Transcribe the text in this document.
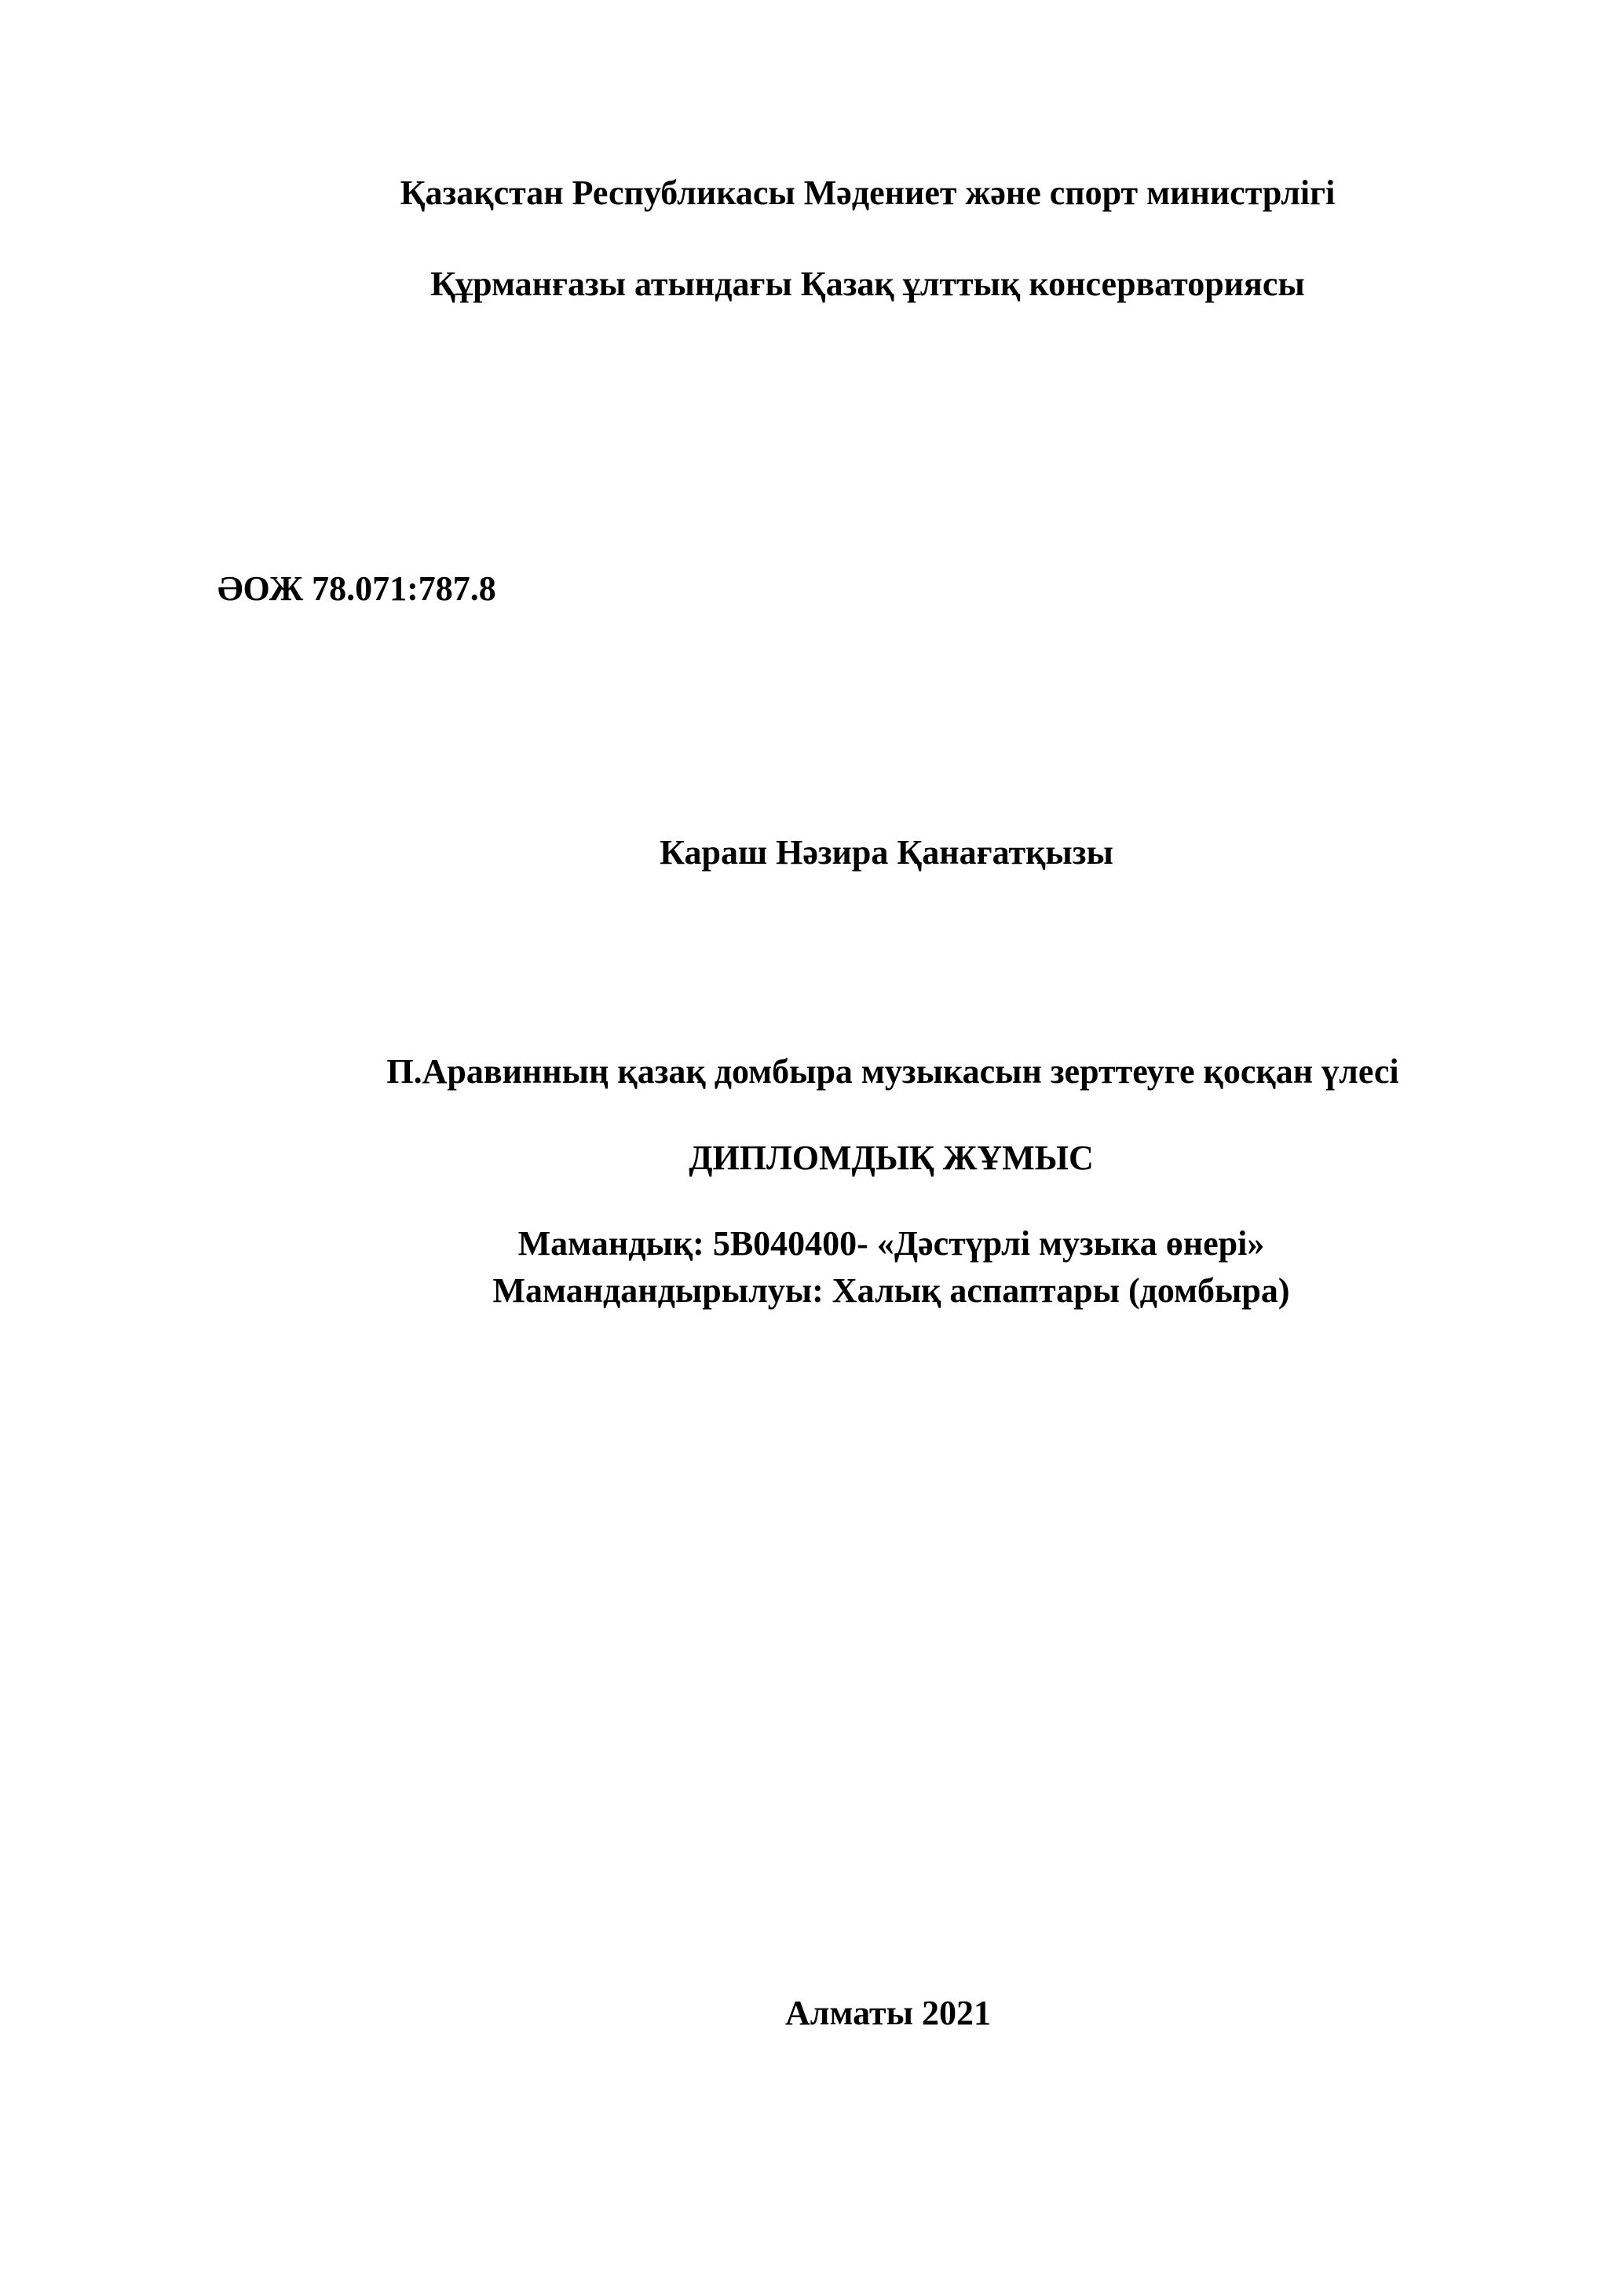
Қазақстан Республикасы Мәдениет және спорт министрлігі
Құрманғазы атындағы Қазақ ұлттық консерваториясы
ӘОЖ 78.071:787.8
Караш Нәзира Қанағатқызы
П.Аравинның қазақ домбыра музыкасын зерттеуге қосқан үлесі
ДИПЛОМДЫҚ ЖҰМЫС
Мамандық: 5В040400- «Дәстүрлі музыка өнері»
Мамандандырылуы: Халық аспаптары (домбыра)
Алматы 2021
